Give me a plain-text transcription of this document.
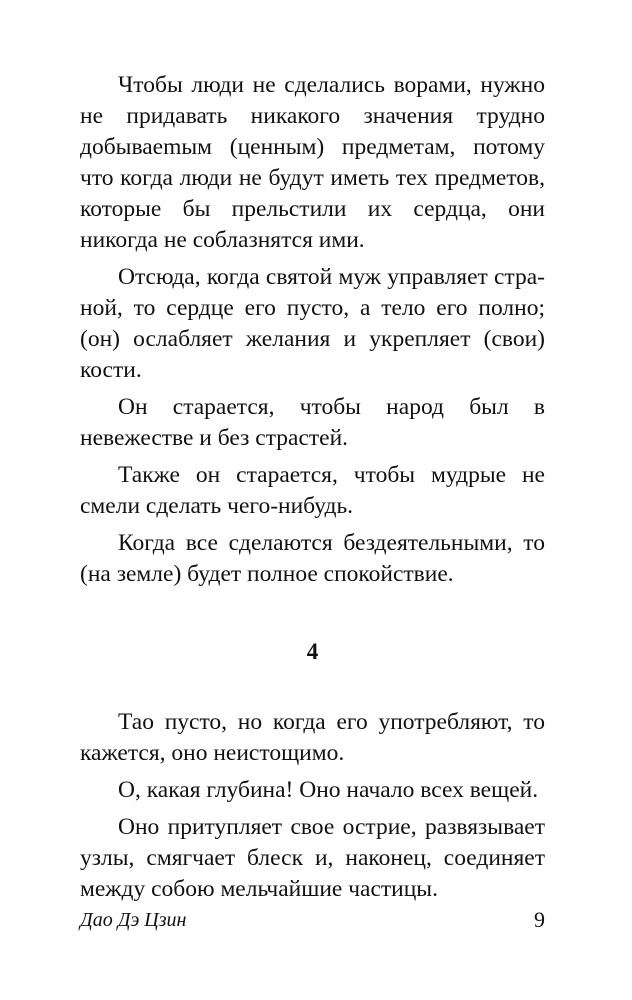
Чтобы люди не сделались ворами, нужно не придавать никакого значения трудно добываemым (ценным) предметам, потому что когда люди не будут иметь тех предметов, которые бы прельстили их сердца, они никогда не соблазнятся ими.

Отсюда, когда святой муж управляет страной, то сердце его пусто, а тело его полно; (он) ослабляет желания и укрепляет (свои) кости.

Он старается, чтобы народ был в невежестве и без страстей.

Также он старается, чтобы мудрые не смели сделать чего-нибудь.

Когда все сделаются бездеятельными, то (на земле) будет полное спокойствие.

4

Тао пусто, но когда его употребляют, то кажется, оно неистощимо.

О, какая глубина! Оно начало всех вещей.

Оно притупляет свое острие, развязывает узлы, смягчает блеск и, наконец, соединяет между собою мельчайшие частицы.

Дао Дэ Цзин	9
